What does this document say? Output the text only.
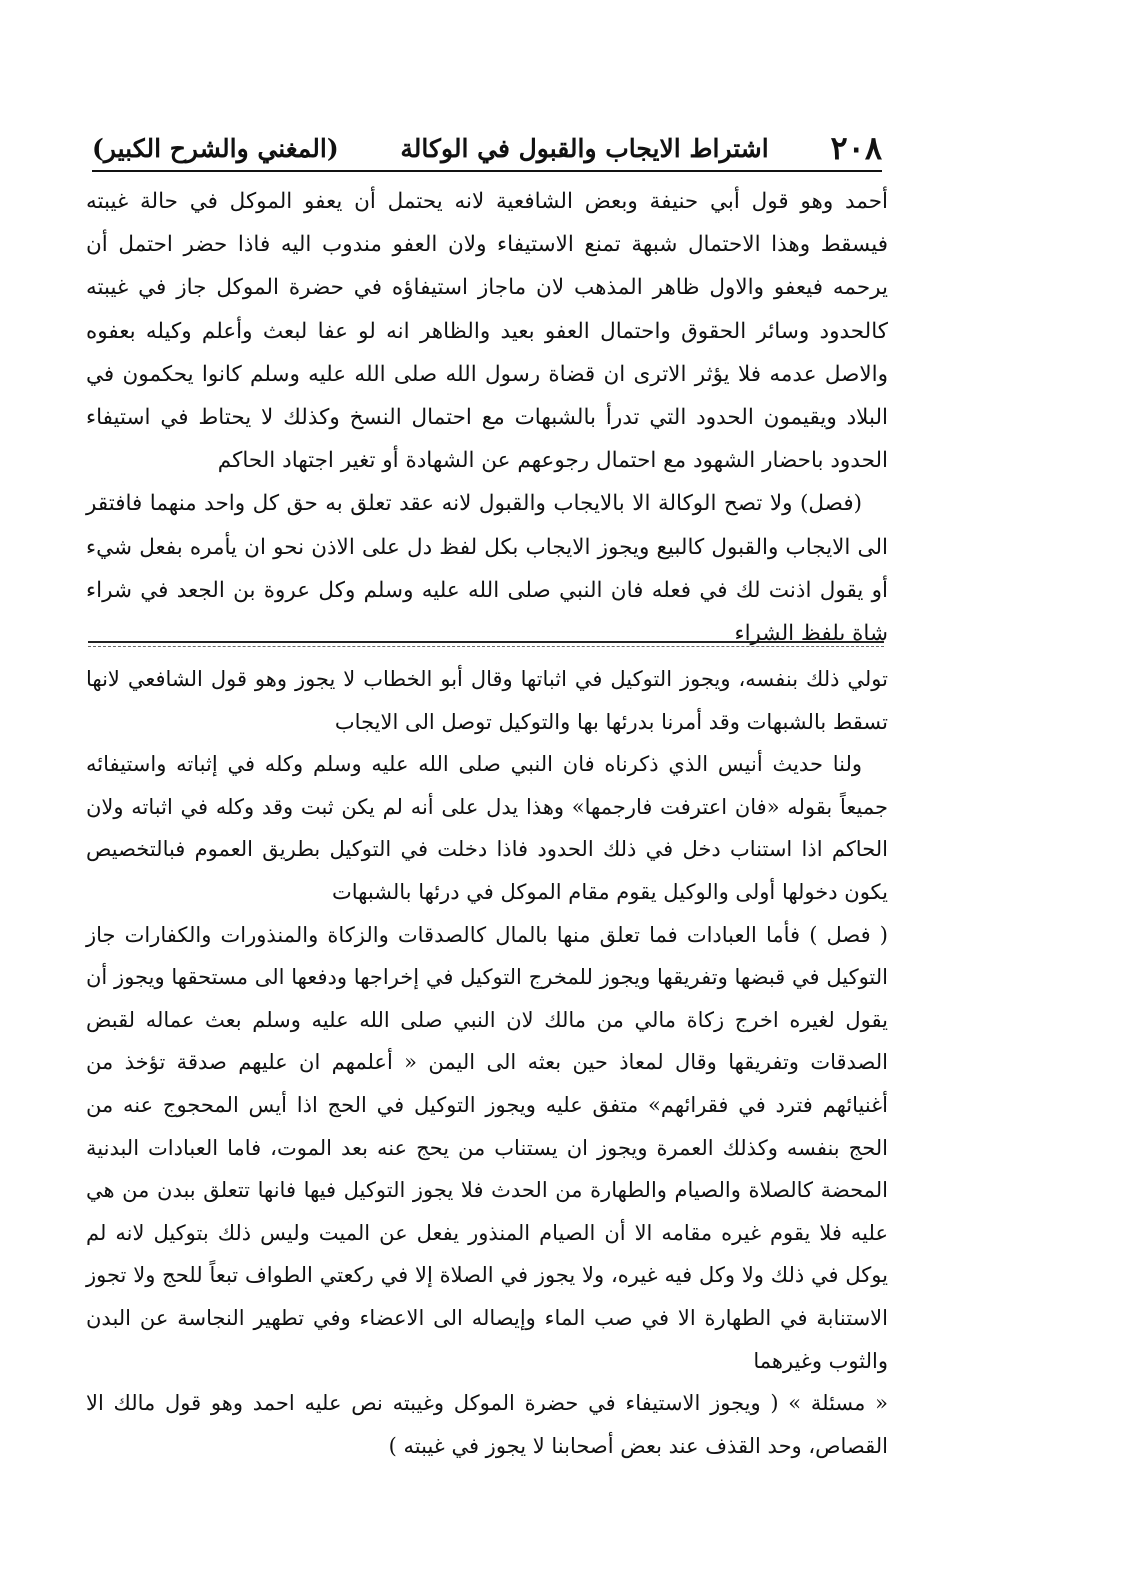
٢٠٨
اشتراط الايجاب والقبول في الوكالة
(المغني والشرح الكبير)

أحمد وهو قول أبي حنيفة وبعض الشافعية لانه يحتمل أن يعفو الموكل في حالة غيبته فيسقط وهذا الاحتمال شبهة تمنع الاستيفاء ولان العفو مندوب اليه فاذا حضر احتمل أن يرحمه فيعفو والاول ظاهر المذهب لان ماجاز استيفاؤه في حضرة الموكل جاز في غيبته كالحدود وسائر الحقوق واحتمال العفو بعيد والظاهر انه لو عفا لبعث وأعلم وكيله بعفوه والاصل عدمه فلا يؤثر الاترى ان قضاة رسول الله صلى الله عليه وسلم كانوا يحكمون في البلاد ويقيمون الحدود التي تدرأ بالشبهات مع احتمال النسخ وكذلك لا يحتاط في استيفاء الحدود باحضار الشهود مع احتمال رجوعهم عن الشهادة أو تغير اجتهاد الحاكم

(فصل) ولا تصح الوكالة الا بالايجاب والقبول لانه عقد تعلق به حق كل واحد منهما فافتقر الى الايجاب والقبول كالبيع ويجوز الايجاب بكل لفظ دل على الاذن نحو ان يأمره بفعل شيء أو يقول اذنت لك في فعله فان النبي صلى الله عليه وسلم وكل عروة بن الجعد في شراء شاة بلفظ الشراء

تولي ذلك بنفسه، ويجوز التوكيل في اثباتها وقال أبو الخطاب لا يجوز وهو قول الشافعي لانها تسقط بالشبهات وقد أمرنا بدرئها بها والتوكيل توصل الى الايجاب

ولنا حديث أنيس الذي ذكرناه فان النبي صلى الله عليه وسلم وكله في إثباته واستيفائه جميعاً بقوله «فان اعترفت فارجمها» وهذا يدل على أنه لم يكن ثبت وقد وكله في اثباته ولان الحاكم اذا استناب دخل في ذلك الحدود فاذا دخلت في التوكيل بطريق العموم فبالتخصيص يكون دخولها أولى والوكيل يقوم مقام الموكل في درئها بالشبهات

( فصل ) فأما العبادات فما تعلق منها بالمال كالصدقات والزكاة والمنذورات والكفارات جاز التوكيل في قبضها وتفريقها ويجوز للمخرج التوكيل في إخراجها ودفعها الى مستحقها ويجوز أن يقول لغيره اخرج زكاة مالي من مالك لان النبي صلى الله عليه وسلم بعث عماله لقبض الصدقات وتفريقها وقال لمعاذ حين بعثه الى اليمن « أعلمهم ان عليهم صدقة تؤخذ من أغنيائهم فترد في فقرائهم» متفق عليه ويجوز التوكيل في الحج اذا أيس المحجوج عنه من الحج بنفسه وكذلك العمرة ويجوز ان يستناب من يحج عنه بعد الموت، فاما العبادات البدنية المحضة كالصلاة والصيام والطهارة من الحدث فلا يجوز التوكيل فيها فانها تتعلق ببدن من هي عليه فلا يقوم غيره مقامه الا أن الصيام المنذور يفعل عن الميت وليس ذلك بتوكيل لانه لم يوكل في ذلك ولا وكل فيه غيره، ولا يجوز في الصلاة إلا في ركعتي الطواف تبعاً للحج ولا تجوز الاستنابة في الطهارة الا في صب الماء وإيصاله الى الاعضاء وفي تطهير النجاسة عن البدن والثوب وغيرهما

« مسئلة » ( ويجوز الاستيفاء في حضرة الموكل وغيبته نص عليه احمد وهو قول مالك الا القصاص، وحد القذف عند بعض أصحابنا لا يجوز في غيبته )
